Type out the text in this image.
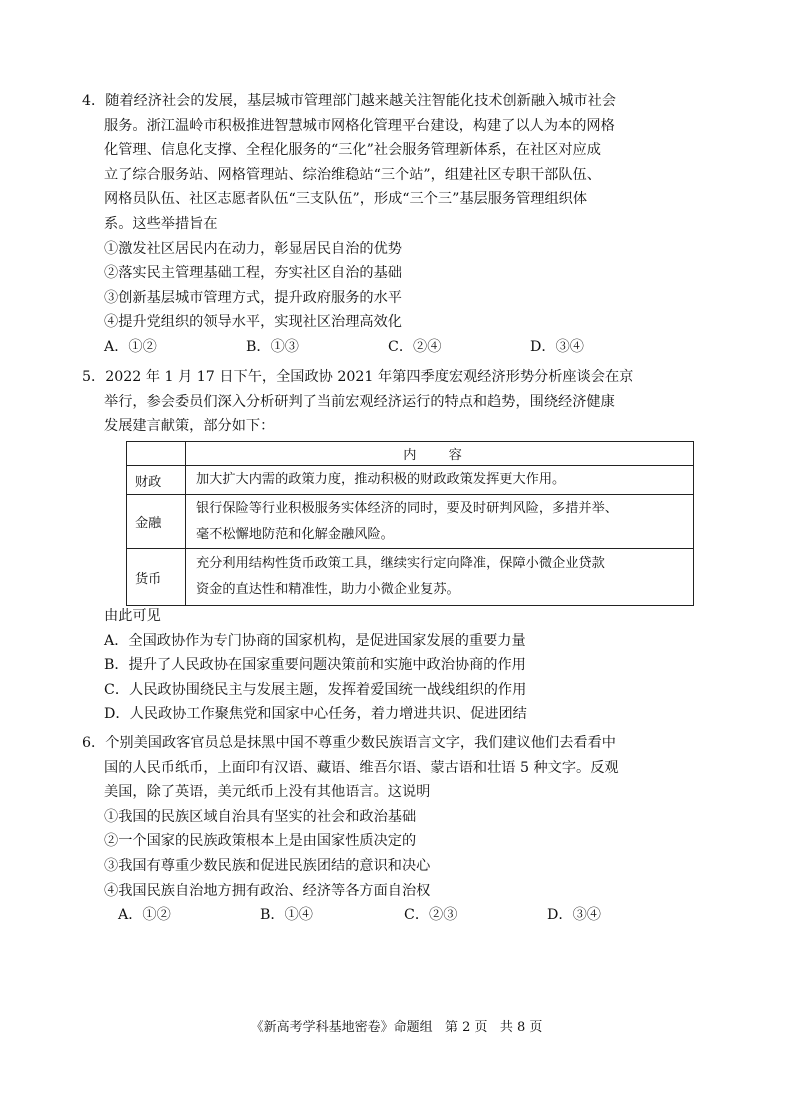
4．随着经济社会的发展，基层城市管理部门越来越关注智能化技术创新融入城市社会
服务。浙江温岭市积极推进智慧城市网格化管理平台建设，构建了以人为本的网格
化管理、信息化支撑、全程化服务的“三化”社会服务管理新体系，在社区对应成
立了综合服务站、网格管理站、综治维稳站“三个站”，组建社区专职干部队伍、
网格员队伍、社区志愿者队伍“三支队伍”，形成“三个三”基层服务管理组织体
系。这些举措旨在
①激发社区居民内在动力，彰显居民自治的优势
②落实民主管理基础工程，夯实社区自治的基础
③创新基层城市管理方式，提升政府服务的水平
④提升党组织的领导水平，实现社区治理高效化
A．①②	B．①③	C．②④	D．③④
5．2022 年 1 月 17 日下午，全国政协 2021 年第四季度宏观经济形势分析座谈会在京
举行，参会委员们深入分析研判了当前宏观经济运行的特点和趋势，围绕经济健康
发展建言献策，部分如下：
	内 容
财政	加大扩大内需的政策力度，推动积极的财政政策发挥更大作用。

金融	银行保险等行业积极服务实体经济的同时，要及时研判风险，多措并举、
毫不松懈地防范和化解金融风险。

货币	充分利用结构性货币政策工具，继续实行定向降准，保障小微企业贷款
资金的直达性和精准性，助力小微企业复苏。
由此可见
A．全国政协作为专门协商的国家机构，是促进国家发展的重要力量
B．提升了人民政协在国家重要问题决策前和实施中政治协商的作用
C．人民政协围绕民主与发展主题，发挥着爱国统一战线组织的作用
D．人民政协工作聚焦党和国家中心任务，着力增进共识、促进团结
6．个别美国政客官员总是抹黑中国不尊重少数民族语言文字，我们建议他们去看看中
国的人民币纸币，上面印有汉语、藏语、维吾尔语、蒙古语和壮语 5 种文字。反观
美国，除了英语，美元纸币上没有其他语言。这说明
①我国的民族区域自治具有坚实的社会和政治基础
②一个国家的民族政策根本上是由国家性质决定的
③我国有尊重少数民族和促进民族团结的意识和决心
④我国民族自治地方拥有政治、经济等各方面自治权
A．①②	B．①④	C．②③	D．③④
《新高考学科基地密卷》命题组   第 2 页   共 8 页
